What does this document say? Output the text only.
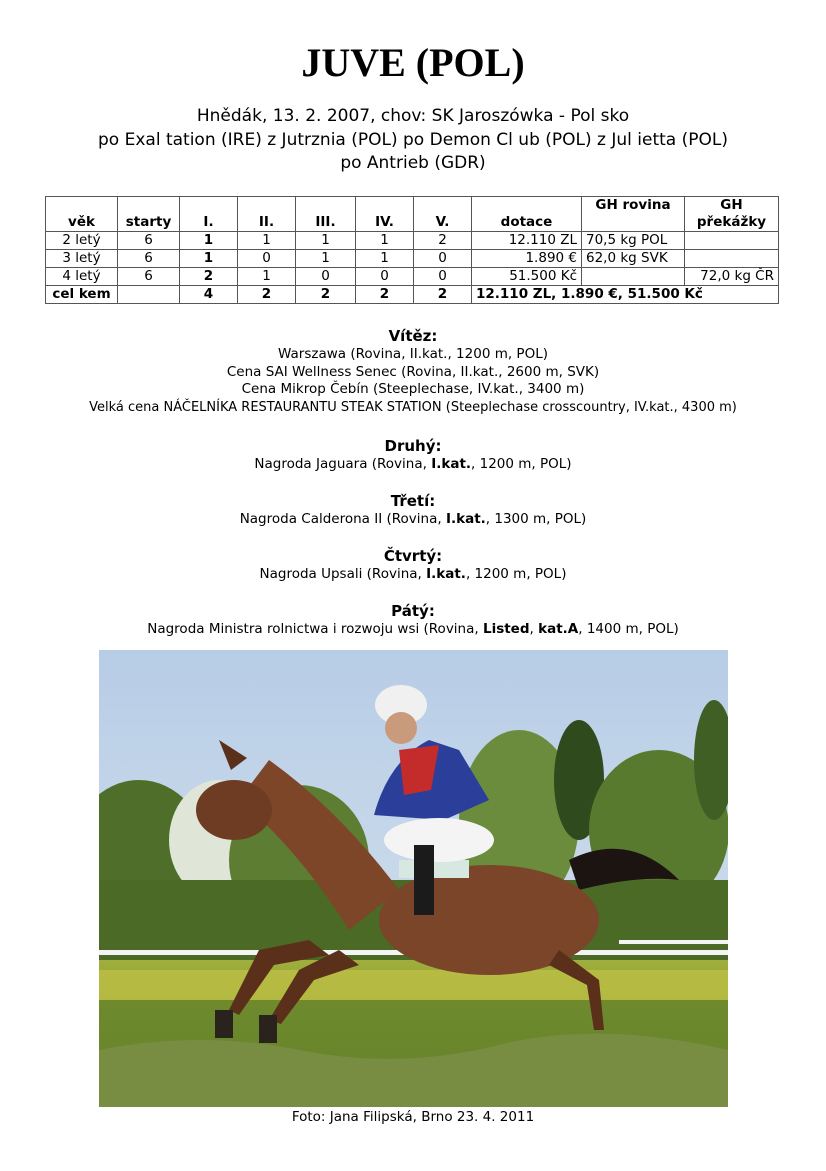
JUVE (POL)
Hnědák, 13. 2. 2007, chov: SK Jaroszówka - Pol sko
po Exal tation (IRE) z Jutrznia (POL) po Demon Cl ub (POL) z Jul ietta (POL)
po Antrieb (GDR)
věk	starty	I.	II.	III.	IV.	V.	dotace	GH rovina	GH překážky
2 letý	6	1	1	1	1	2	12.110 ZL	70,5 kg POL	
3 letý	6	1	0	1	1	0	1.890 €	62,0 kg SVK	
4 letý	6	2	1	0	0	0	51.500 Kč		72,0 kg ČR
cel kem		4	2	2	2	2	12.110 ZL, 1.890 €, 51.500 Kč		
Vítěz:
Warszawa (Rovina, II.kat., 1200 m, POL)
Cena SAI Wellness Senec (Rovina, II.kat., 2600 m, SVK)
Cena Mikrop Čebín (Steeplechase, IV.kat., 3400 m)
Velká cena NÁČELNÍKA RESTAURANTU STEAK STATION (Steeplechase crosscountry, IV.kat., 4300 m)
Druhý:
Nagroda Jaguara (Rovina, I.kat., 1200 m, POL)
Třetí:
Nagroda Calderona II (Rovina, I.kat., 1300 m, POL)
Čtvrtý:
Nagroda Upsali (Rovina, I.kat., 1200 m, POL)
Pátý:
Nagroda Ministra rolnictwa i rozwoju wsi (Rovina, Listed, kat.A, 1400 m, POL)
Foto: Jana Filipská, Brno 23. 4. 2011
